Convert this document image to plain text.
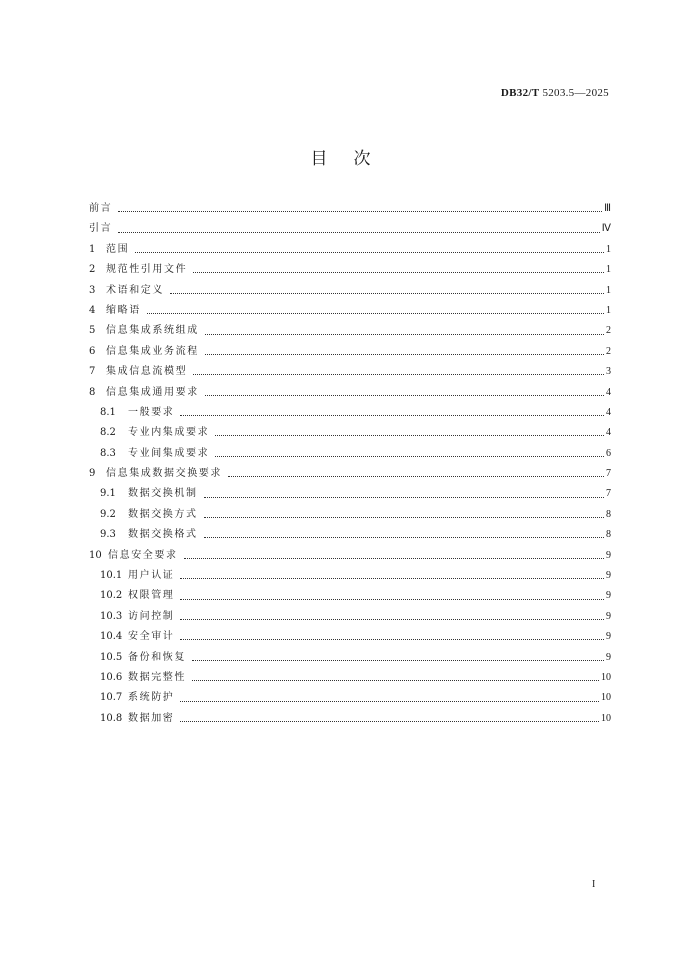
DB32/T 5203.5—2025
目次
前言	Ⅲ
引言	Ⅳ
1	范围	1
2	规范性引用文件	1
3	术语和定义	1
4	缩略语	1
5	信息集成系统组成	2
6	信息集成业务流程	2
7	集成信息流模型	3
8	信息集成通用要求	4
8.1	一般要求	4
8.2	专业内集成要求	4
8.3	专业间集成要求	6
9	信息集成数据交换要求	7
9.1	数据交换机制	7
9.2	数据交换方式	8
9.3	数据交换格式	8
10 信息安全要求	9
10.1 用户认证	9
10.2 权限管理	9
10.3 访问控制	9
10.4 安全审计	9
10.5 备份和恢复	9
10.6 数据完整性	10
10.7 系统防护	10
10.8 数据加密	10
I
